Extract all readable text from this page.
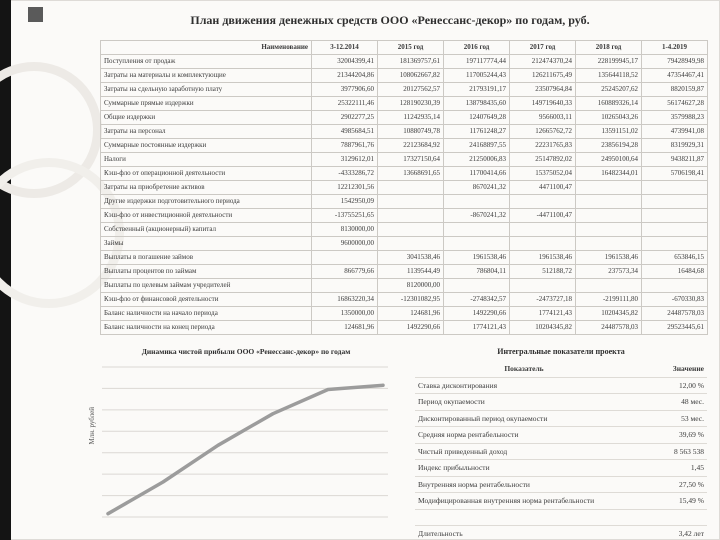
План движения денежных средств ООО «Ренессанс-декор» по годам, руб.
Наименование	3-12.2014	2015 год	2016 год	2017 год	2018 год	1-4.2019
Поступления от продаж	32004399,41	181369757,61	197117774,44	212474370,24	228199945,17	79428949,98
Затраты на материалы и комплектующие	21344204,86	108062667,82	117005244,43	126211675,49	135644118,52	47354467,41
Затраты на сдельную заработную плату	3977906,60	20127562,57	21793191,17	23507964,84	25245207,62	8820159,87
Суммарные прямые издержки	25322111,46	128190230,39	138798435,60	149719640,33	160889326,14	56174627,28
Общие издержки	2902277,25	11242935,14	12407649,28	9566003,11	10265043,26	3579988,23
Затраты на персонал	4985684,51	10880749,78	11761248,27	12665762,72	13591151,02	4739941,08
Суммарные постоянные издержки	7887961,76	22123684,92	24168897,55	22231765,83	23856194,28	8319929,31
Налоги	3129612,01	17327150,64	21250006,83	25147892,02	24950100,64	9438211,87
Кэш-фло от операционной деятельности	-4333286,72	13668691,65	11700414,66	15375052,04	16482344,01	5706198,41
Затраты на приобретение активов	12212301,56		8670241,32	4471100,47		
Другие издержки подготовительного периода	1542950,09					
Кэш-фло от инвестиционной деятельности	-13755251,65		-8670241,32	-4471100,47		
Собственный (акционерный) капитал	8130000,00					
Займы	9600000,00					
Выплаты в погашение займов		3041538,46	1961538,46	1961538,46	1961538,46	653846,15
Выплаты процентов по займам	866779,66	1139544,49	786804,11	512188,72	237573,34	16484,68
Выплаты по целевым займам учредителей		8120000,00				
Кэш-фло от финансовой деятельности	16863220,34	-12301082,95	-2748342,57	-2473727,18	-2199111,80	-670330,83
Баланс наличности на начало периода	1350000,00	124681,96	1492290,66	1774121,43	10204345,82	24487578,03
Баланс наличности на конец периода	124681,96	1492290,66	1774121,43	10204345,82	24487578,03	29523445,61
Динамика чистой прибыли ООО «Ренессанс-декор» по годам
Млн. рублей
Интегральные показатели проекта
Показатель	Значение
Ставка дисконтирования	12,00 %
Период окупаемости	48 мес.
Дисконтированный период окупаемости	53 мес.
Средняя норма рентабельности	39,69 %
Чистый приведенный доход	8 563 538
Индекс прибыльности	1,45
Внутренняя норма рентабельности	27,50 %
Модифицированная внутренняя норма рентабельности	15,49 %

Длительность	3,42 лет
